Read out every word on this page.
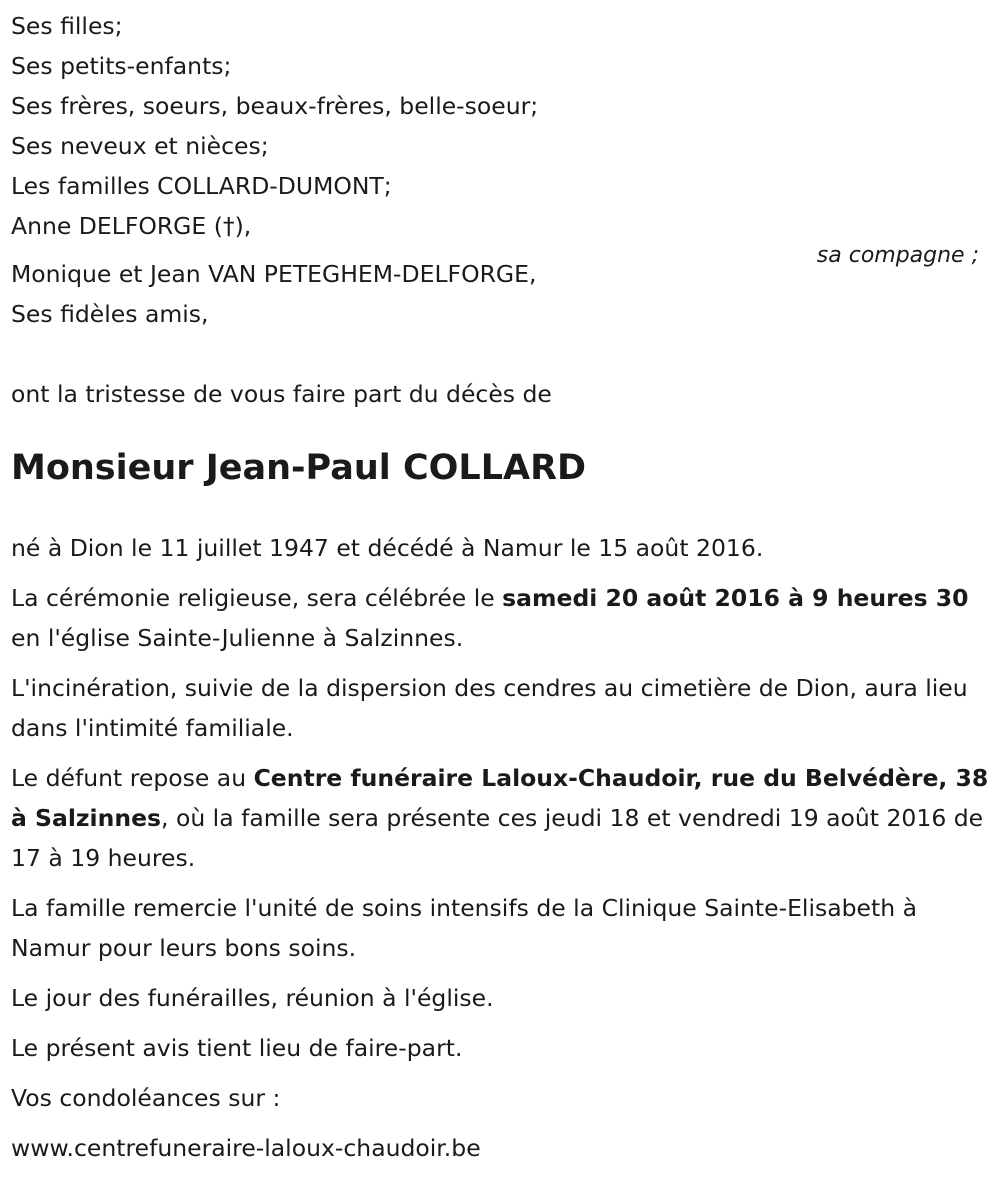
Ses filles;
Ses petits-enfants;
Ses frères, soeurs, beaux-frères, belle-soeur;
Ses neveux et nièces;
Les familles COLLARD-DUMONT;
Anne DELFORGE (†),
sa compagne ;
Monique et Jean VAN PETEGHEM-DELFORGE,
Ses fidèles amis,
ont la tristesse de vous faire part du décès de
Monsieur Jean-Paul COLLARD
né à Dion le 11 juillet 1947 et décédé à Namur le 15 août 2016.
La cérémonie religieuse, sera célébrée le samedi 20 août 2016 à 9 heures 30 en l'église Sainte-Julienne à Salzinnes.
L'incinération, suivie de la dispersion des cendres au cimetière de Dion, aura lieu dans l'intimité familiale.
Le défunt repose au Centre funéraire Laloux-Chaudoir, rue du Belvédère, 38 à Salzinnes, où la famille sera présente ces jeudi 18 et vendredi 19 août 2016 de 17 à 19 heures.
La famille remercie l'unité de soins intensifs de la Clinique Sainte-Elisabeth à Namur pour leurs bons soins.
Le jour des funérailles, réunion à l'église.
Le présent avis tient lieu de faire-part.
Vos condoléances sur :
www.centrefuneraire-laloux-chaudoir.be
